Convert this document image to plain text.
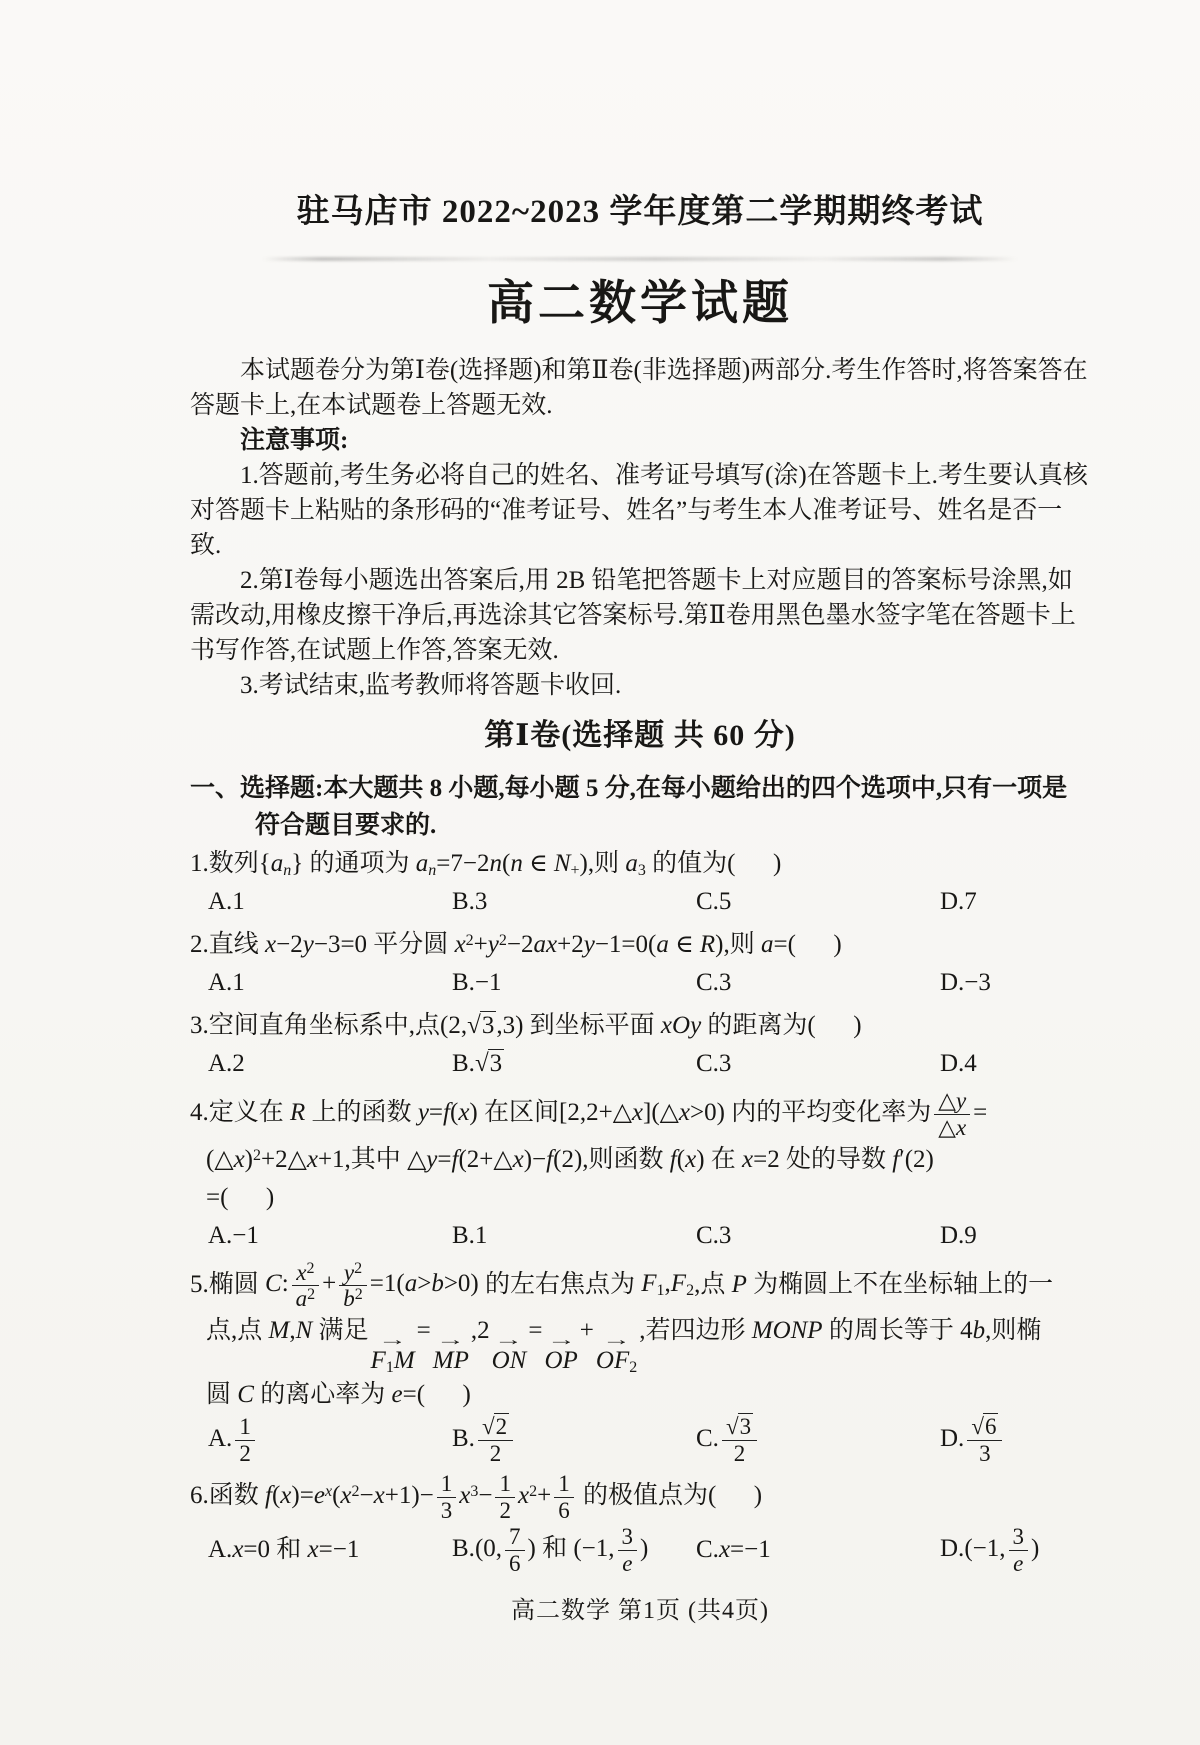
驻马店市 2022~2023 学年度第二学期期终考试
高二数学试题

本试题卷分为第Ⅰ卷(选择题)和第Ⅱ卷(非选择题)两部分.考生作答时,将答案答在答题卡上,在本试题卷上答题无效.

注意事项:

1.答题前,考生务必将自己的姓名、准考证号填写(涂)在答题卡上.考生要认真核对答题卡上粘贴的条形码的“准考证号、姓名”与考生本人准考证号、姓名是否一致.

2.第Ⅰ卷每小题选出答案后,用 2B 铅笔把答题卡上对应题目的答案标号涂黑,如需改动,用橡皮擦干净后,再选涂其它答案标号.第Ⅱ卷用黑色墨水签字笔在答题卡上书写作答,在试题上作答,答案无效.

3.考试结束,监考教师将答题卡收回.

第Ⅰ卷(选择题 共 60 分)

一、选择题:本大题共 8 小题,每小题 5 分,在每小题给出的四个选项中,只有一项是符合题目要求的.

1.数列$\{a_n\}$ 的通项为 $a_n=7-2n(n$ ∈ $N_+$),则 $a_3$ 的值为(      )
A.1	B.3	C.5	D.7
2.直线 x−2y−3=0 平分圆 $x^2+y^2-2ax+2y-1=0(a$ ∈ R),则 a=(      )
A.1	B.−1	C.3	D.−3
3.空间直角坐标系中,点(2,√3,3) 到坐标平面 xOy 的距离为(      )
A.2	B.√3	C.3	D.4
4.定义在 R 上的函数 y=f(x) 在区间[2,2+△x](△x>0) 内的平均变化率为 $\frac{\triangle y}{\triangle x}$ =
(△x)$^2$+2△x+1,其中 △y=f(2+△x)−f(2),则函数 f(x) 在 x=2 处的导数 f′(2)
=(      )
A.−1	B.1	C.3	D.9
5.椭圆 C: $\frac{x^2}{a^2} + \frac{y^2}{b^2} =1(a>b>0)$ 的左右焦点为 $F_1,F_2$,点 P 为椭圆上不在坐标轴上的一
点,点 M,N 满足 →
$F_1M$
= →
MP
,2 →
ON
= →
OP
+ →
$OF_2$
,若四边形 MONP 的周长等于 4b,则椭
圆 C 的离心率为 e=(      )
A. $\frac{1}{2}$	B. $\frac{√2}{2}$	C. $\frac{√3}{2}$	D. $\frac{√6}{3}$
6.函数 $f(x)=e^x(x^2-x+1)- \frac{1}{3} x^3- \frac{1}{2} x^2+ \frac{1}{6}$ 的极值点为(      )
A.x=0 和 x=−1	B.(0, $\frac{7}{6}$ ) 和 (−1, $\frac{3}{e}$ )	C.x=−1	D.(−1, $\frac{3}{e}$ )
高二数学 第1页 (共4页)
